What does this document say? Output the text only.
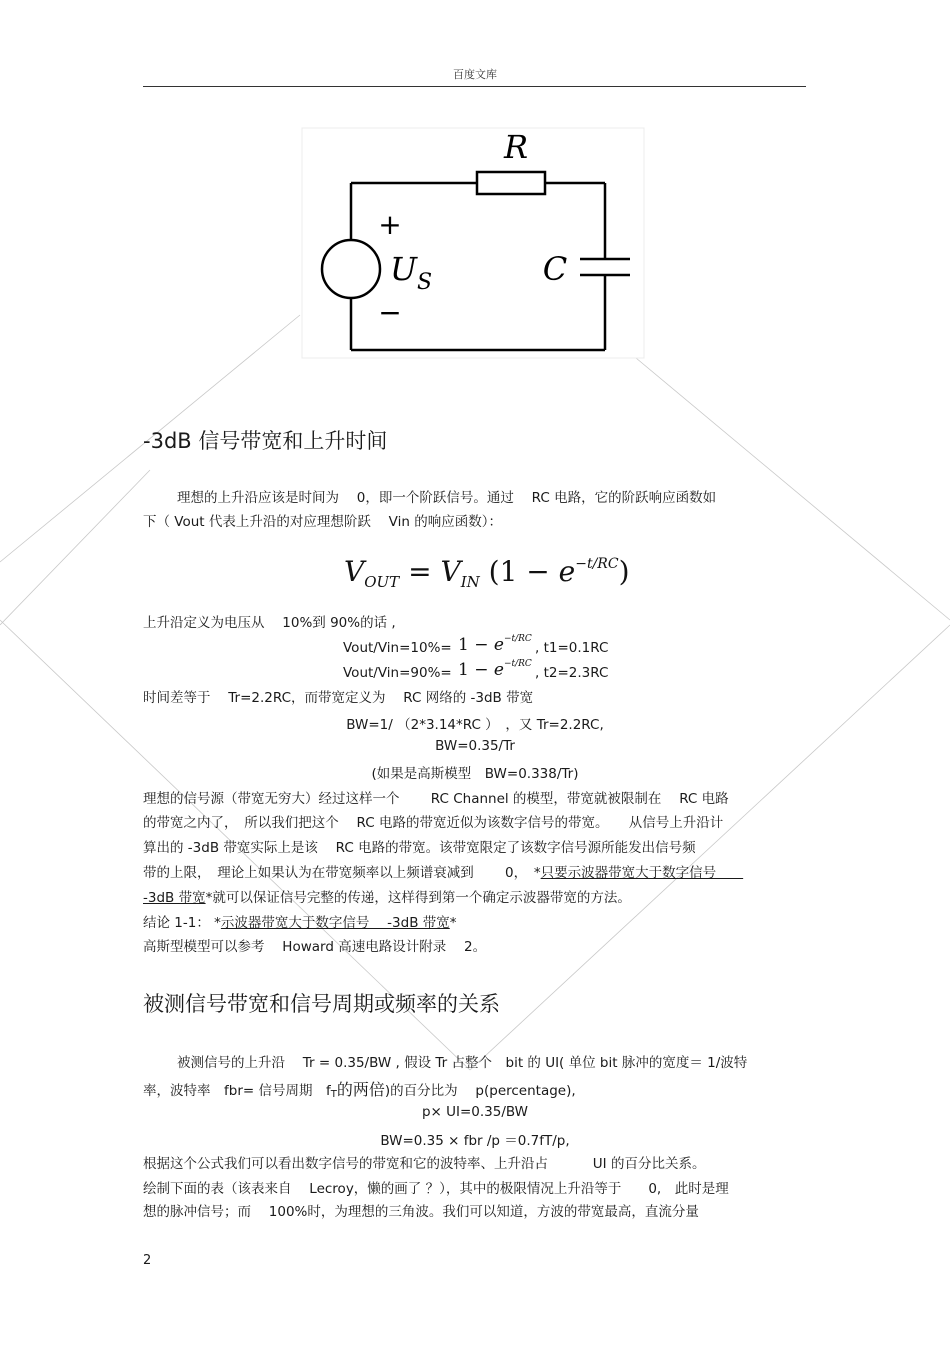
百度文库
R
C
+
−
$U_S$
-3dB 信号带宽和上升时间
理想的上升沿应该是时间为　 0，即一个阶跃信号。通过　 RC 电路，它的阶跃响应函数如
下（ Vout 代表上升沿的对应理想阶跃　 Vin 的响应函数）：
$V_{OUT} = V_{IN}$ $(1 - e^{-t/RC})$
上升沿定义为电压从　 10%到 90%的话 ,
Vout/Vin=10%= $1 - e^{-t/RC}$
, t1=0.1RC
Vout/Vin=90%= $1 - e^{-t/RC}$
, t2=2.3RC
时间差等于　 Tr=2.2RC，而带宽定义为　 RC 网络的 -3dB 带宽
BW=1/ （2*3.14*RC ）　，又 Tr=2.2RC,
BW=0.35/Tr
(如果是高斯模型　BW=0.338/Tr)
理想的信号源（带宽无穷大）经过这样一个　　 RC Channel 的模型，带宽就被限制在　 RC 电路
的带宽之内了，　所以我们把这个　 RC 电路的带宽近似为该数字信号的带宽。　　从信号上升沿计
算出的 -3dB 带宽实际上是该　 RC 电路的带宽。该带宽限定了该数字信号源所能发出信号频
带的上限，　理论上如果认为在带宽频率以上频谱衰减到　　 0，　*只要示波器带宽大于数字信号　　
-3dB 带宽*就可以保证信号完整的传递，这样得到第一个确定示波器带宽的方法。
结论 1-1： *示波器带宽大于数字信号　 -3dB 带宽*
高斯型模型可以参考　 Howard 高速电路设计附录　 2。
被测信号带宽和信号周期或频率的关系
被测信号的上升沿　 Tr = 0.35/BW , 假设 Tr 占整个　bit 的 UI( 单位 bit 脉冲的宽度＝ 1/波特
率，波特率　fbr= 信号周期　fT的两倍)的百分比为　 p(percentage),
p× UI=0.35/BW
BW=0.35 × fbr /p ＝0.7fT/p,
根据这个公式我们可以看出数字信号的带宽和它的波特率、上升沿占　　　 UI 的百分比关系。
绘制下面的表（该表来自　 Lecroy，懒的画了 ？），其中的极限情况上升沿等于　　0,　此时是理
想的脉冲信号；而　 100%时，为理想的三角波。我们可以知道，方波的带宽最高，直流分量
2
